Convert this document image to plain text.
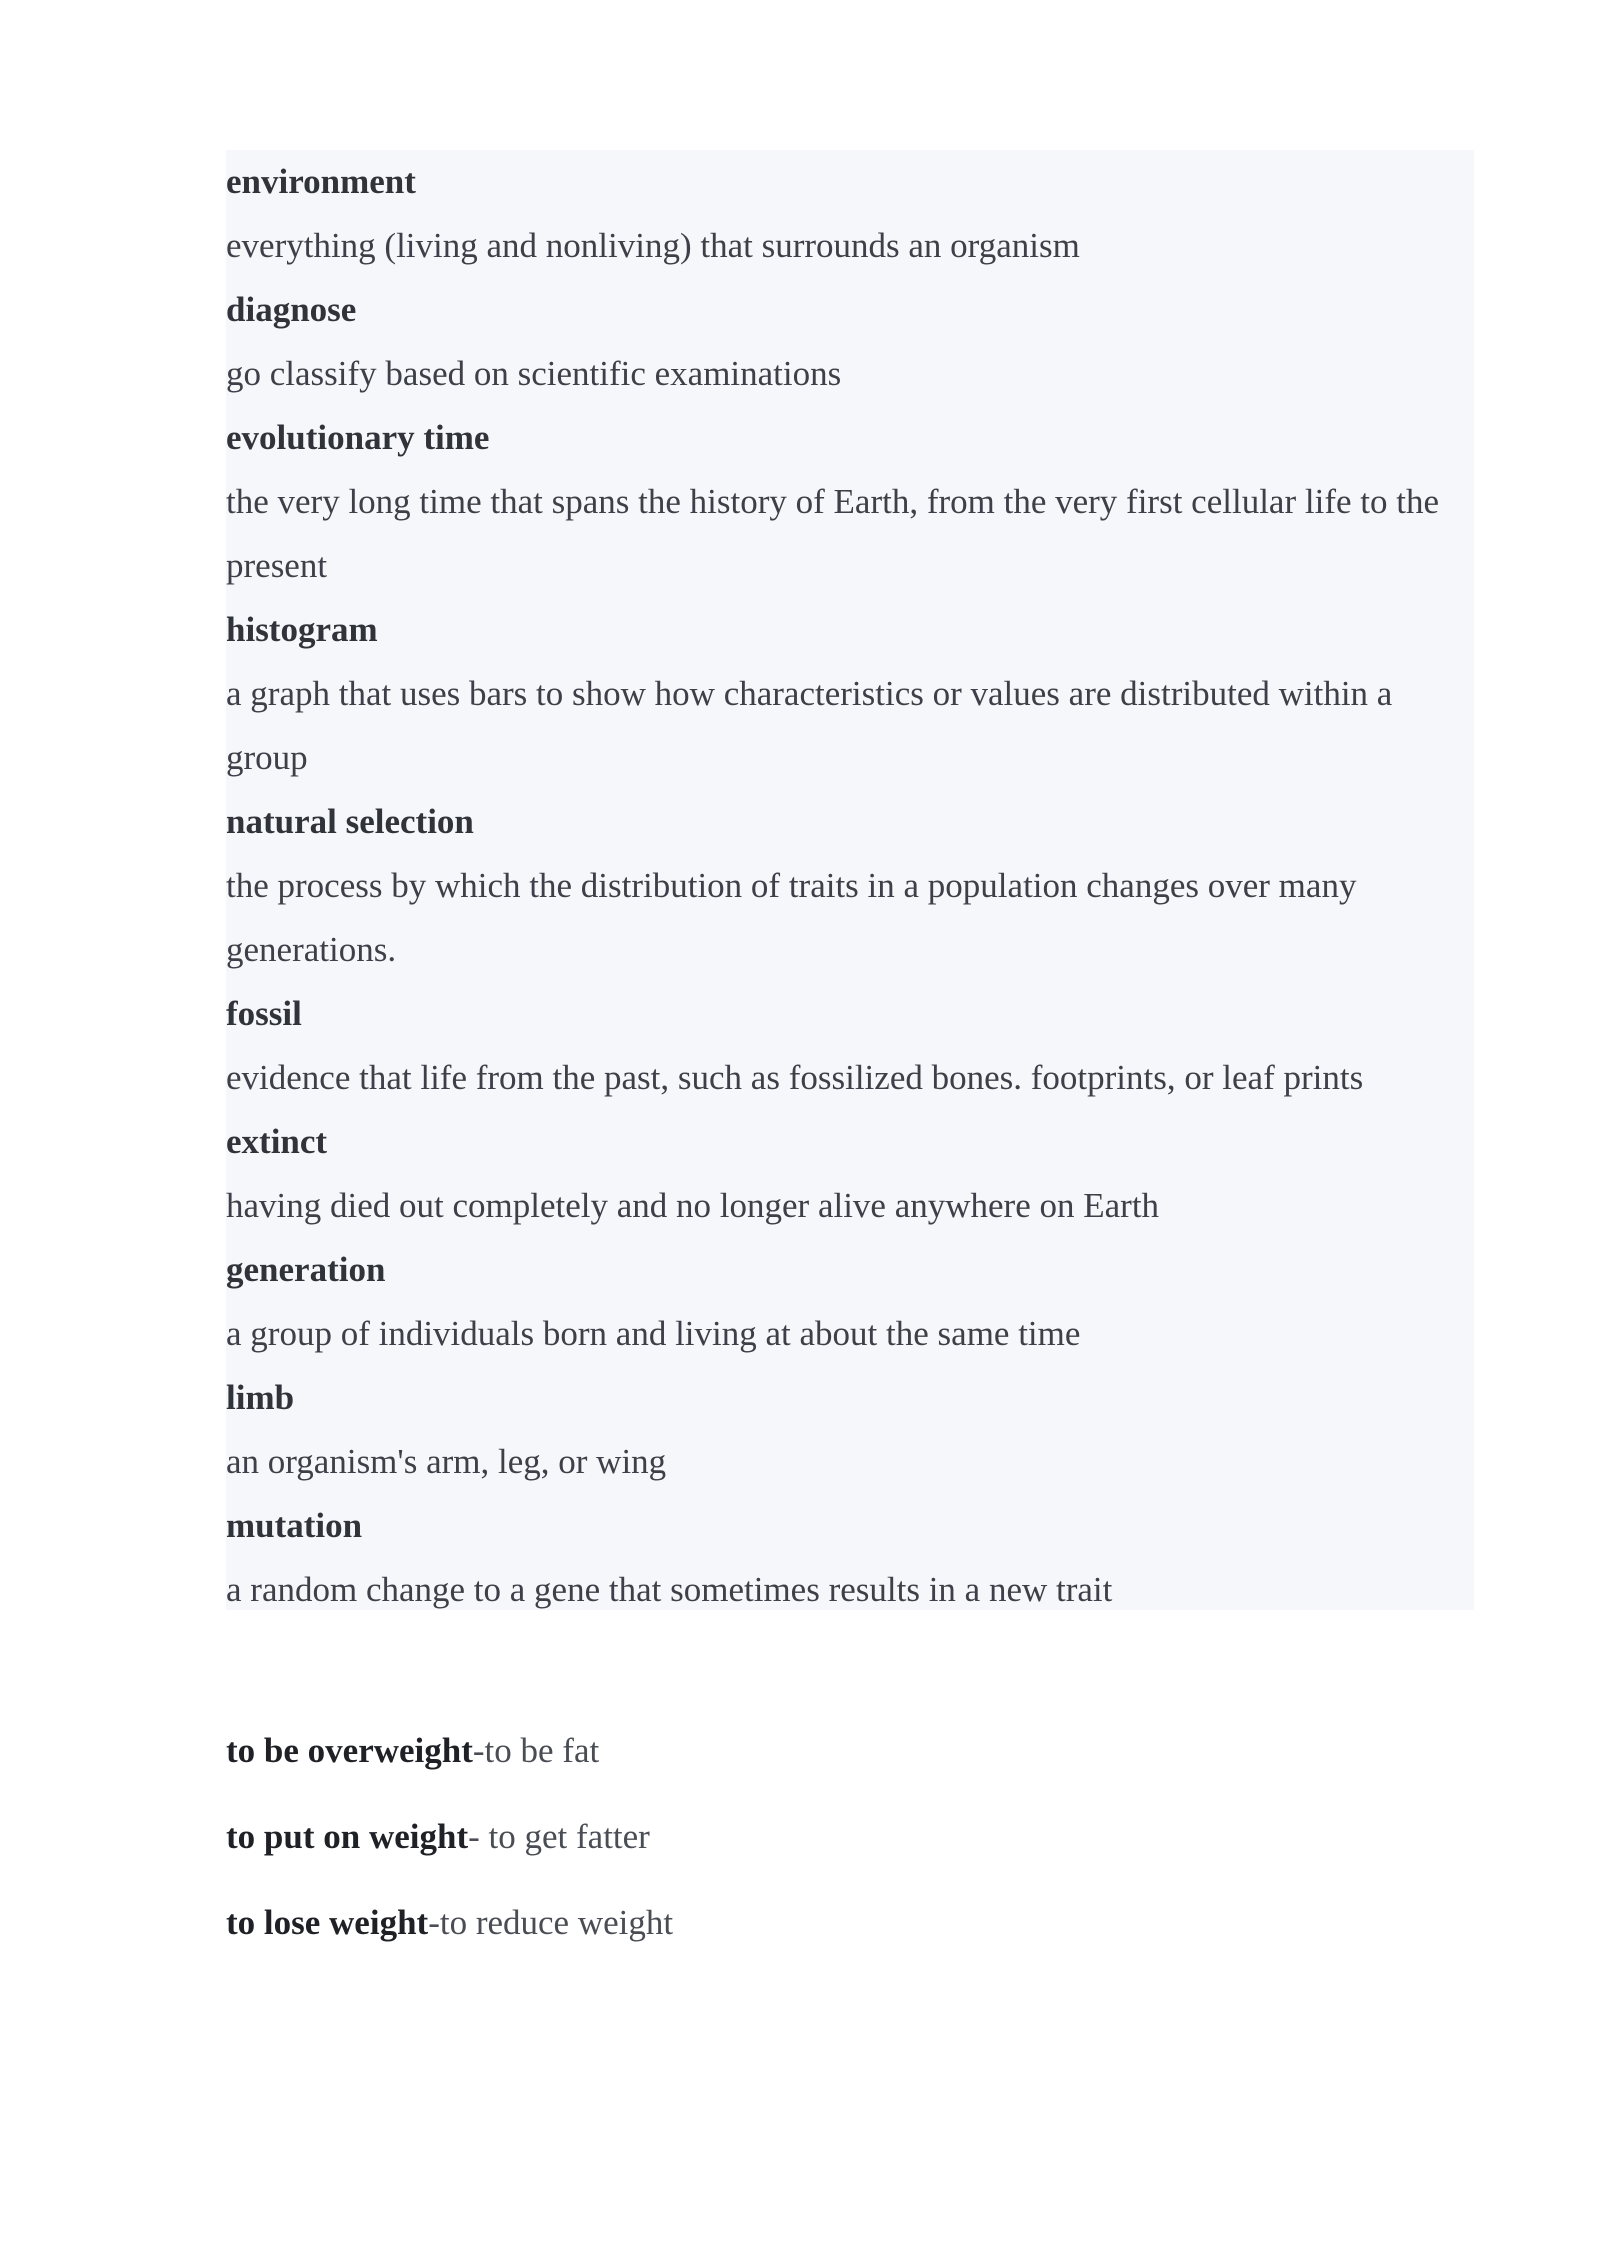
environment
everything (living and nonliving) that surrounds an organism
diagnose
go classify based on scientific examinations
evolutionary time
the very long time that spans the history of Earth, from the very first cellular life to the present
histogram
a graph that uses bars to show how characteristics or values are distributed within a group
natural selection
the process by which the distribution of traits in a population changes over many generations.
fossil
evidence that life from the past, such as fossilized bones. footprints, or leaf prints
extinct
having died out completely and no longer alive anywhere on Earth
generation
a group of individuals born and living at about the same time
limb
an organism's arm, leg, or wing
mutation
a random change to a gene that sometimes results in a new trait

to be overweight-to be fat

to put on weight- to get fatter

to lose weight-to reduce weight
